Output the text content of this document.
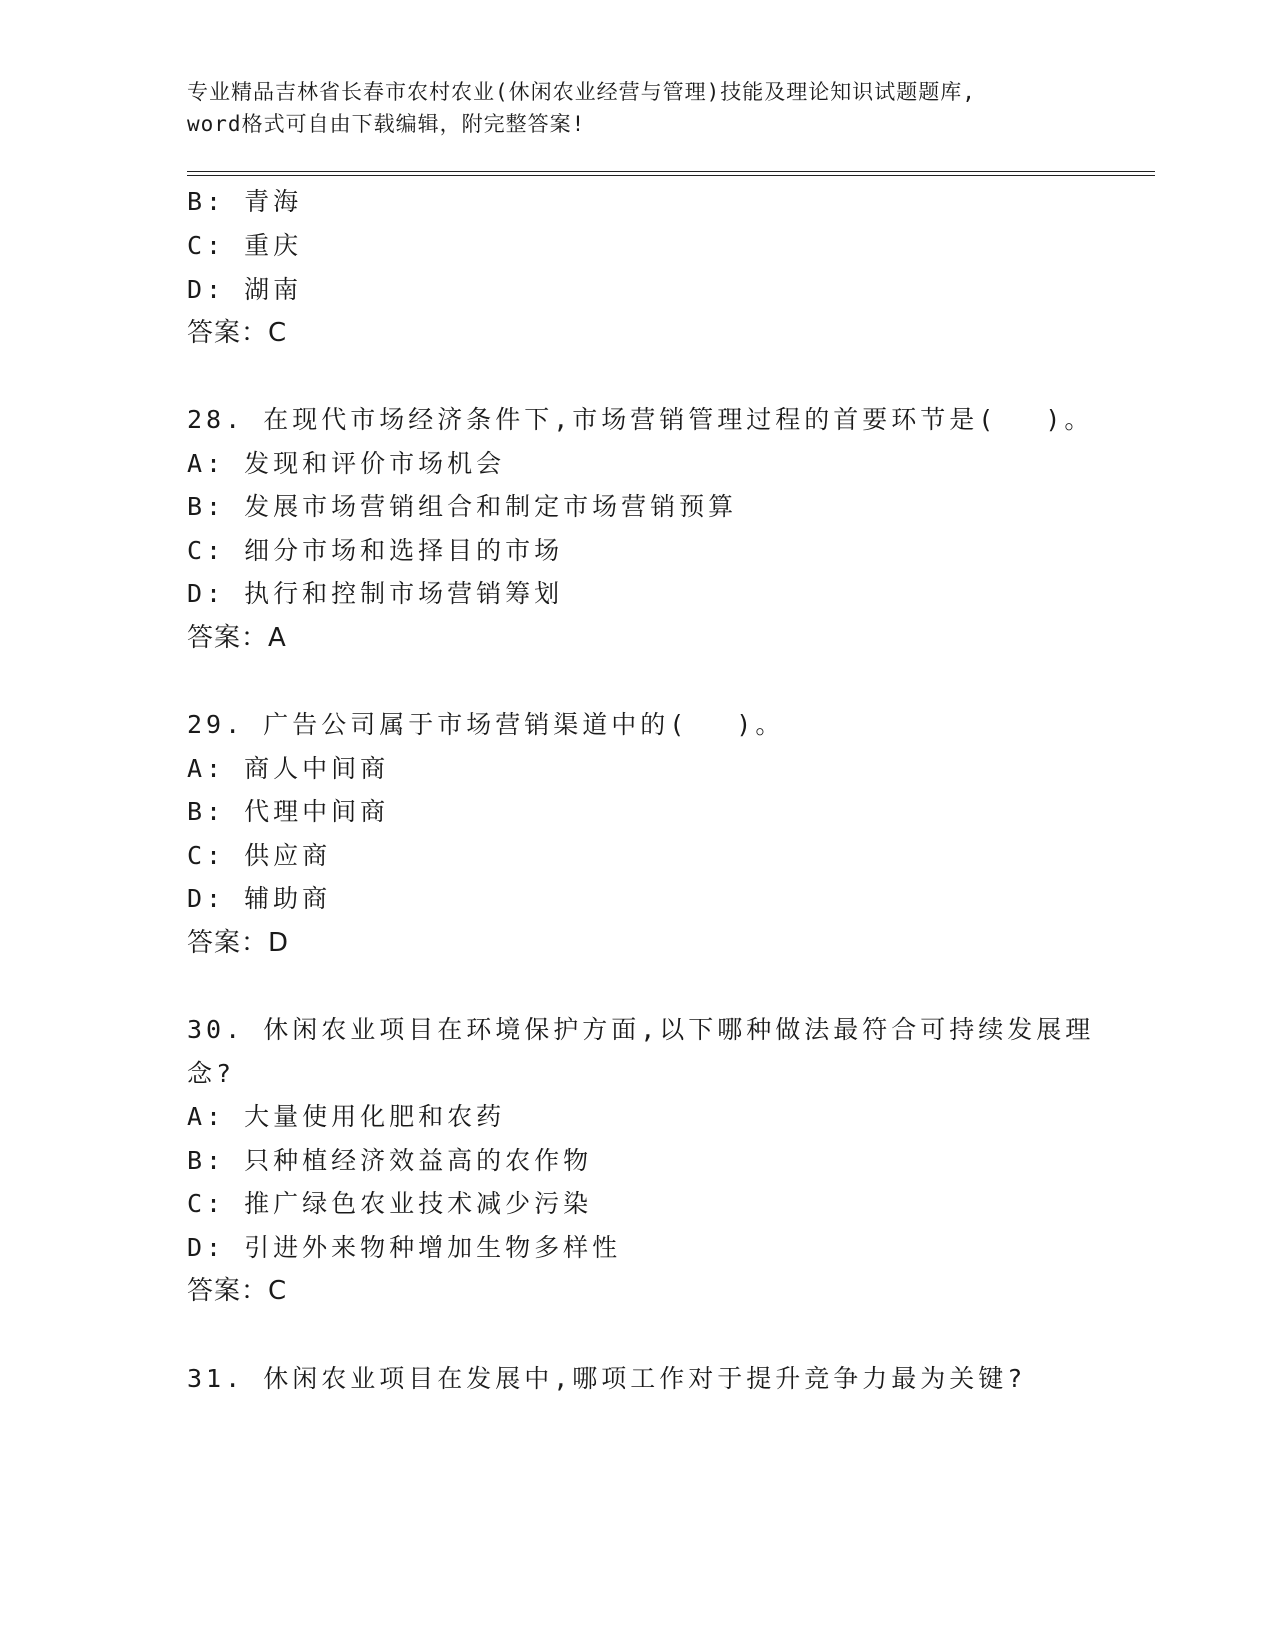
专业精品吉林省长春市农村农业(休闲农业经营与管理)技能及理论知识试题题库,
word格式可自由下载编辑，附完整答案!
B: 青海
C: 重庆
D: 湖南
答案：C
28. 在现代市场经济条件下,市场营销管理过程的首要环节是(　 )。
A: 发现和评价市场机会
B: 发展市场营销组合和制定市场营销预算
C: 细分市场和选择目的市场
D: 执行和控制市场营销筹划
答案：A
29. 广告公司属于市场营销渠道中的(　 )。
A: 商人中间商
B: 代理中间商
C: 供应商
D: 辅助商
答案：D
30. 休闲农业项目在环境保护方面,以下哪种做法最符合可持续发展理
念?
A: 大量使用化肥和农药
B: 只种植经济效益高的农作物
C: 推广绿色农业技术减少污染
D: 引进外来物种增加生物多样性
答案：C
31. 休闲农业项目在发展中,哪项工作对于提升竞争力最为关键?
